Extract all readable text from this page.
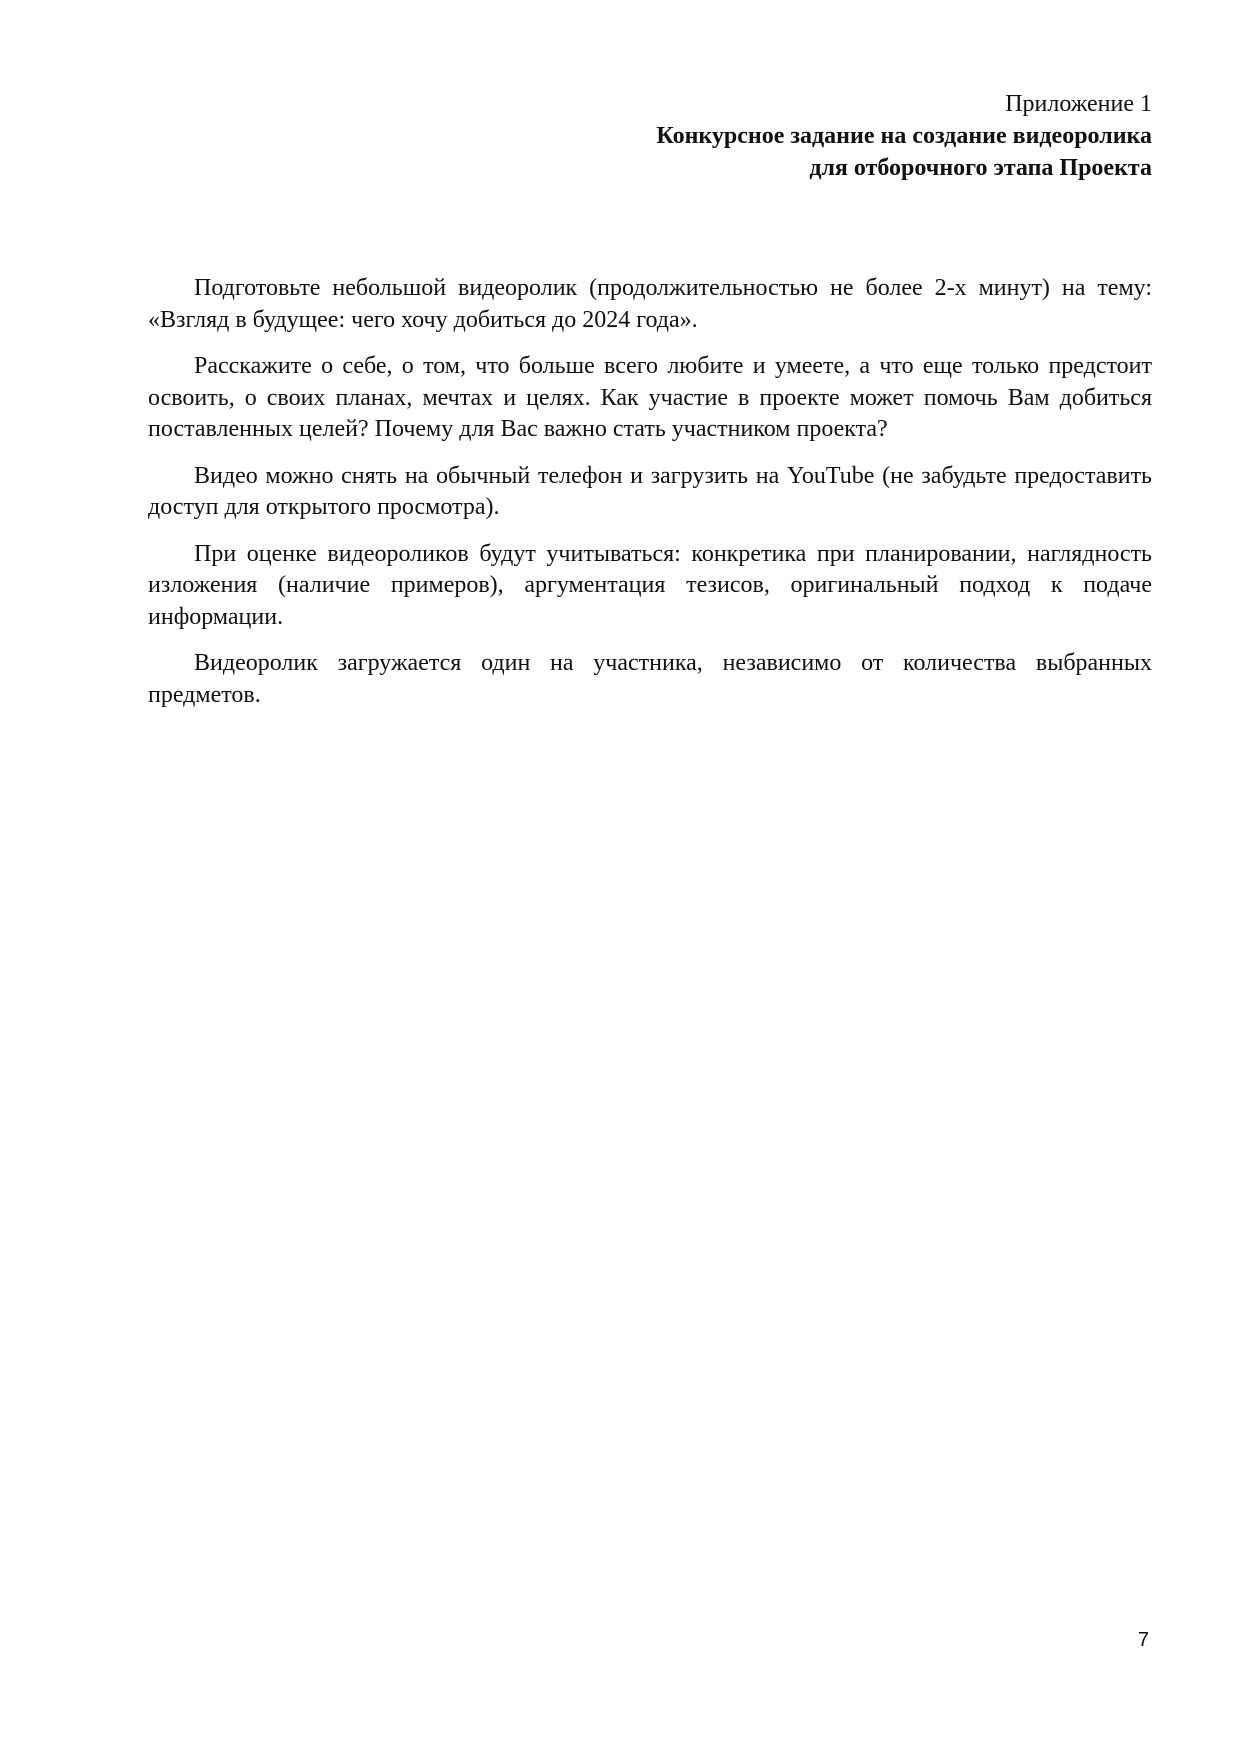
Приложение 1
Конкурсное задание на создание видеоролика
для отборочного этапа Проекта

Подготовьте небольшой видеоролик (продолжительностью не более 2-х минут) на тему: «Взгляд в будущее: чего хочу добиться до 2024 года».

Расскажите о себе, о том, что больше всего любите и умеете, а что еще только предстоит освоить, о своих планах, мечтах и целях. Как участие в проекте может помочь Вам добиться поставленных целей? Почему для Вас важно стать участником проекта?

Видео можно снять на обычный телефон и загрузить на YouTube (не забудьте предоставить доступ для открытого просмотра).

При оценке видеороликов будут учитываться: конкретика при планировании, наглядность изложения (наличие примеров), аргументация тезисов, оригинальный подход к подаче информации.

Видеоролик загружается один на участника, независимо от количества выбранных предметов.

7
